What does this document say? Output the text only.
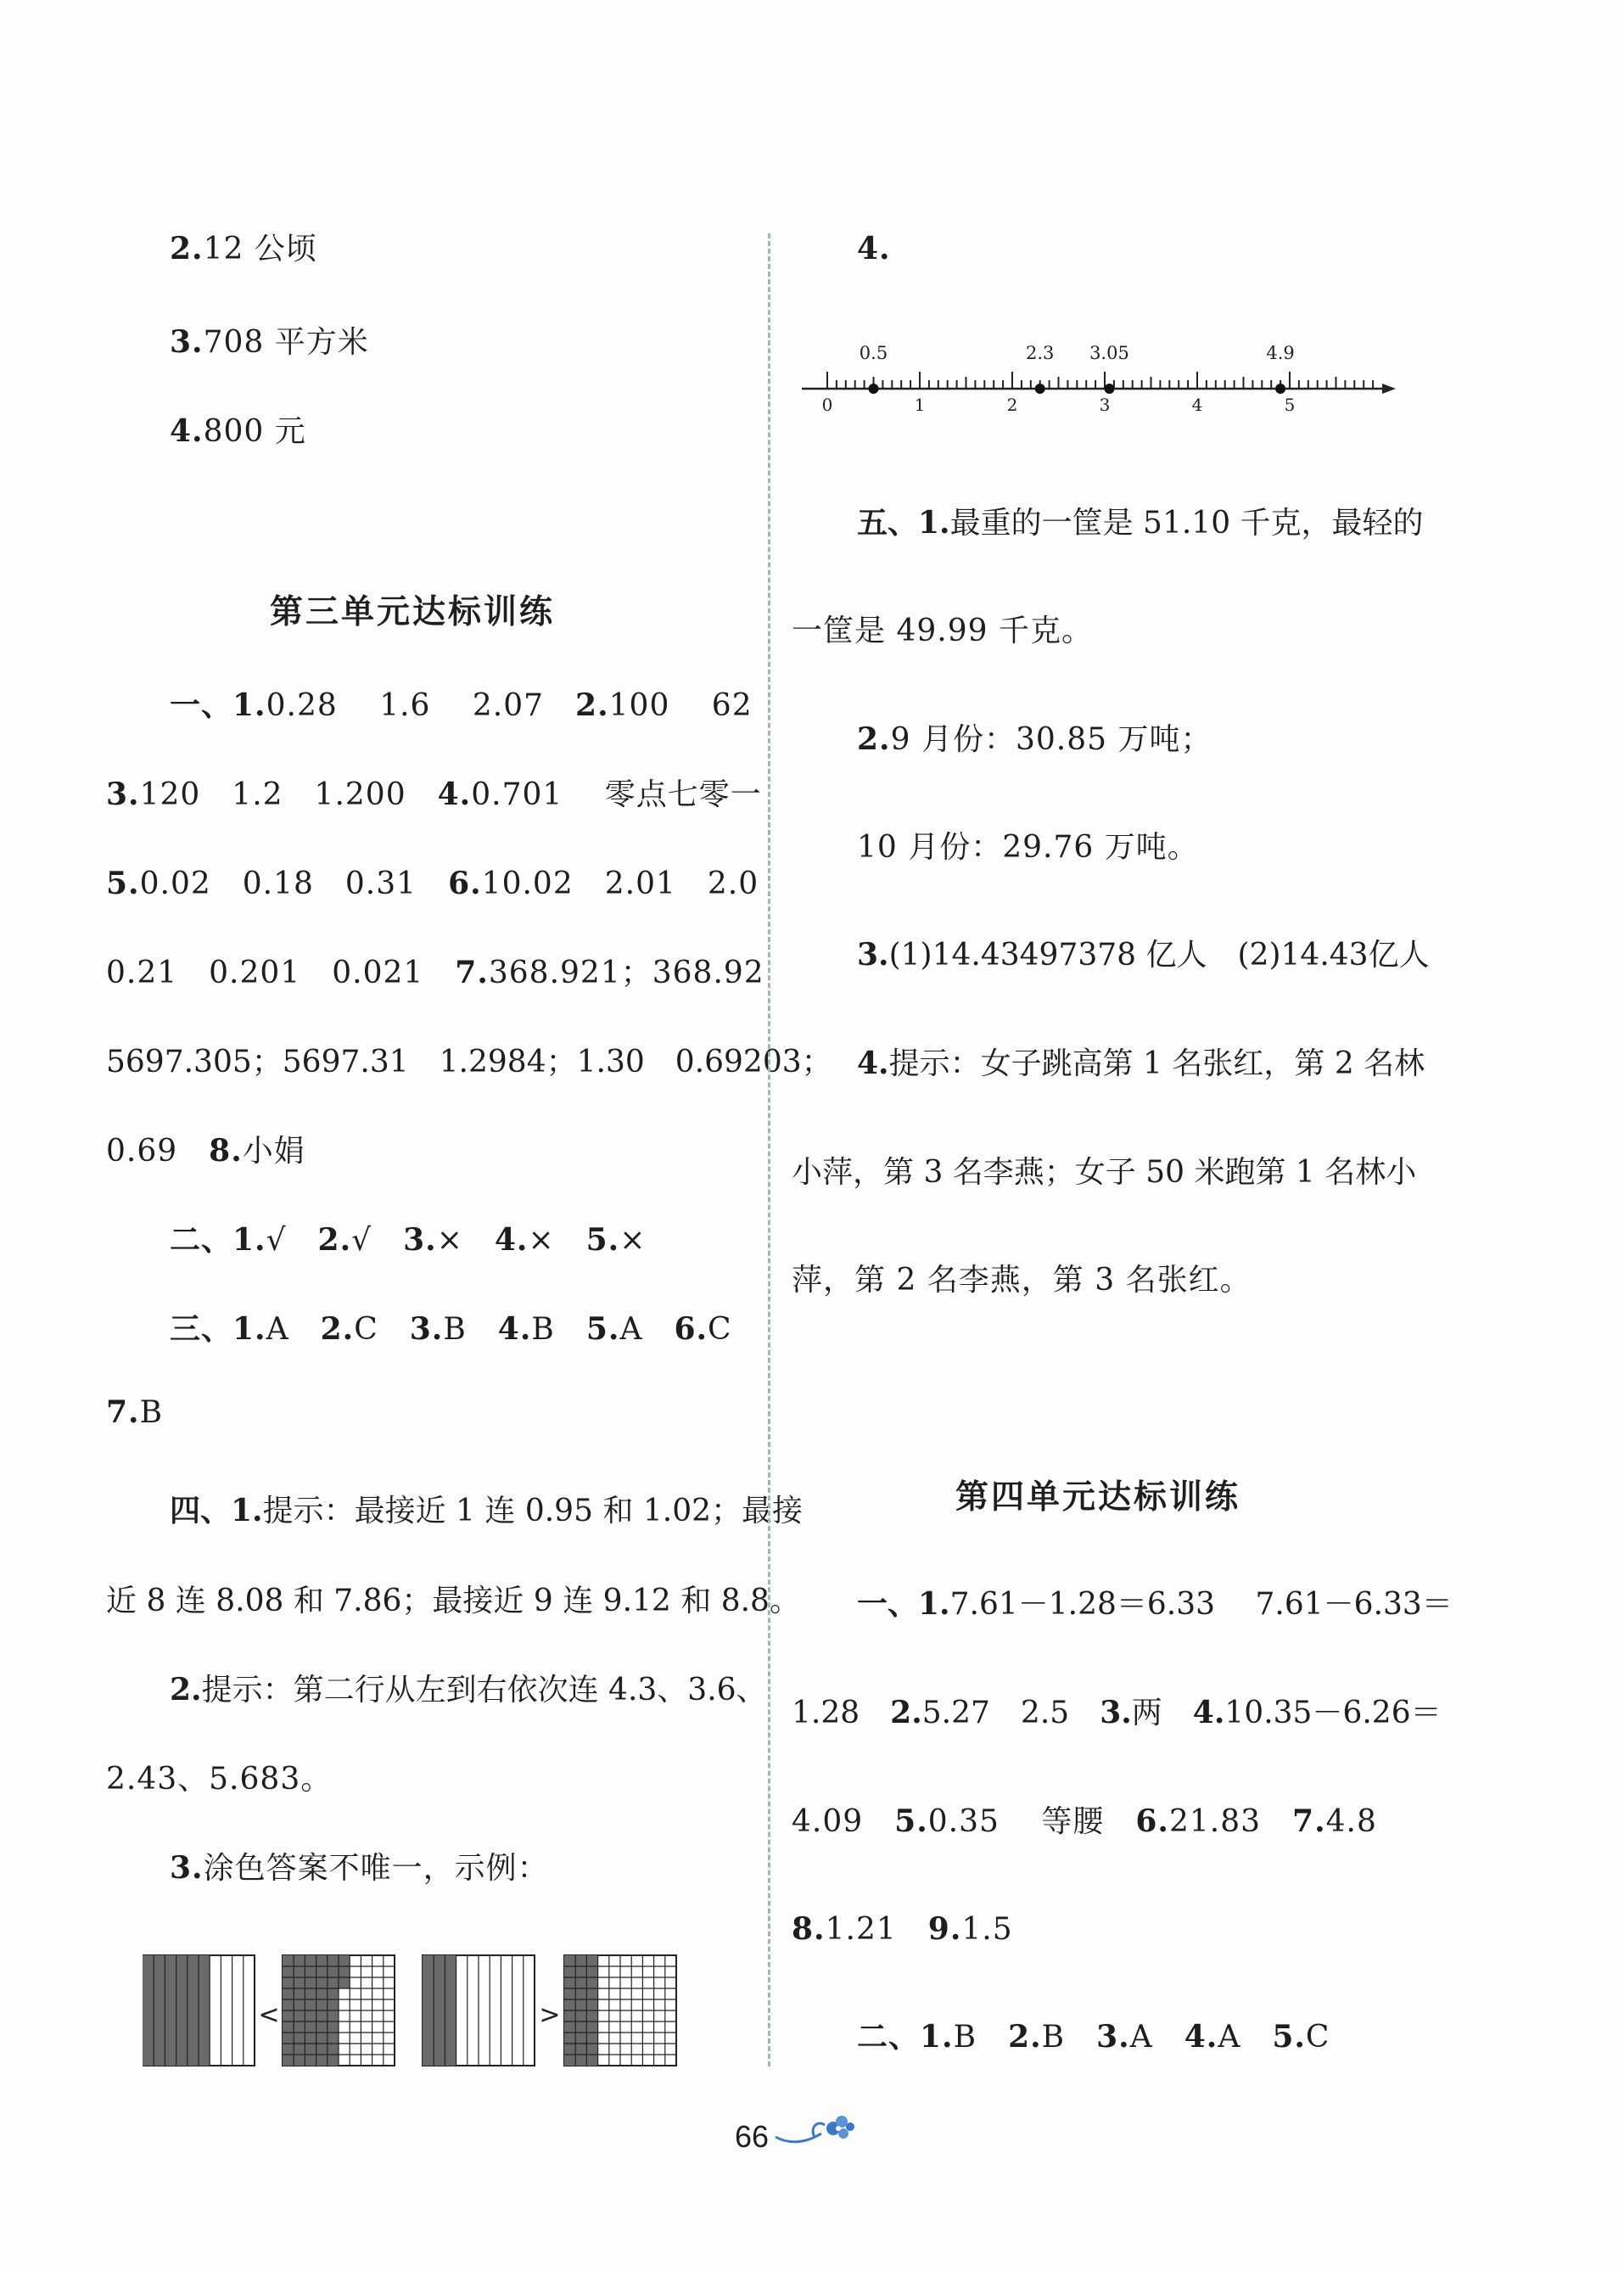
2.12 公顷
3.708 平方米
4.800 元
第三单元达标训练
一、1.0.28　 1.6　 2.07　2.100　 62
3.120　1.2　1.200　4.0.701　 零点七零一
5.0.02　0.18　0.31　6.10.02　2.01　2.0
0.21　0.201　0.021　7.368.921；368.92
5697.305；5697.31　1.2984；1.30　0.69203；
0.69　8.小娟
二、1.√　2.√　3.×　4.×　5.×
三、1.A　2.C　3.B　4.B　5.A　6.C
7.B
四、1.提示：最接近 1 连 0.95 和 1.02；最接
近 8 连 8.08 和 7.86；最接近 9 连 9.12 和 8.8。
2.提示：第二行从左到右依次连 4.3、3.6、
2.43、5.683。
3.涂色答案不唯一，示例：
<	>
4.
0	1	2	3	4	5
0.5	2.3 3.05	4.9
五、1.最重的一筐是 51.10 千克，最轻的
一筐是 49.99 千克。
2.9 月份：30.85 万吨；
10 月份：29.76 万吨。
3.(1)14.43497378 亿人　(2)14.43亿人
4.提示：女子跳高第 1 名张红，第 2 名林
小萍，第 3 名李燕；女子 50 米跑第 1 名林小
萍，第 2 名李燕，第 3 名张红。
第四单元达标训练
一、1.7.61－1.28＝6.33　 7.61－6.33＝
1.28　2.5.27　2.5　3.两　4.10.35－6.26＝
4.09　5.0.35　 等腰　6.21.83　7.4.8
8.1.21　9.1.5
二、1.B　2.B　3.A　4.A　5.C
66
